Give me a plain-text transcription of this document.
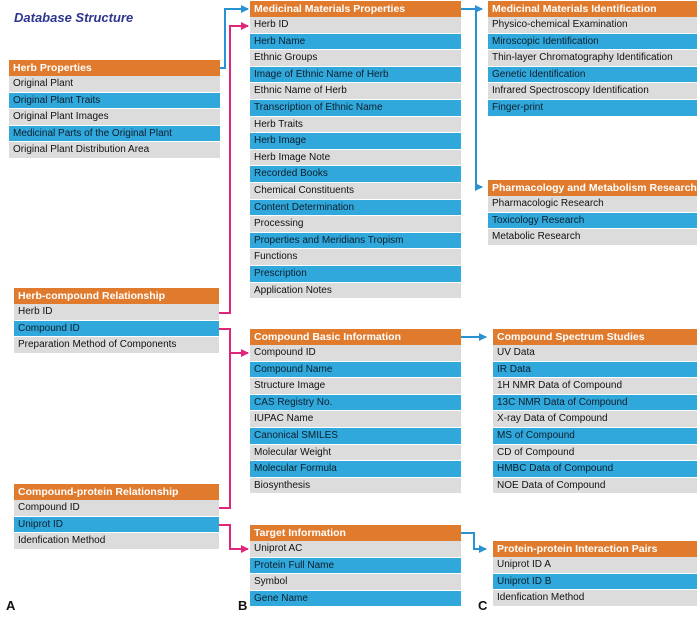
Database Structure
Herb Properties
Original Plant
Original Plant Traits
Original Plant Images
Medicinal Parts of the Original Plant
Original Plant Distribution Area
Herb-compound Relationship
Herb ID
Compound ID
Preparation Method of Components
Compound-protein Relationship
Compound ID
Uniprot ID
Idenfication Method
Medicinal Materials Properties
Herb ID
Herb Name
Ethnic Groups
Image of Ethnic Name of Herb
Ethnic Name of Herb
Transcription of Ethnic Name
Herb Traits
Herb Image
Herb Image Note
Recorded Books
Chemical Constituents
Content Determination
Processing
Properties and Meridians Tropism
Functions
Prescription
Application Notes
Compound Basic Information
Compound ID
Compound Name
Structure Image
CAS Registry No.
IUPAC Name
Canonical SMILES
Molecular Weight
Molecular Formula
Biosynthesis
Target Information
Uniprot AC
Protein Full Name
Symbol
Gene Name
Medicinal Materials Identification
Physico-chemical Examination
Miroscopic Identification
Thin-layer Chromatography Identification
Genetic Identification
Infrared Spectroscopy Identification
Finger-print
Pharmacology and Metabolism Research
Pharmacologic Research
Toxicology Research
Metabolic Research
Compound Spectrum Studies
UV Data
IR Data
1H NMR Data of Compound
13C NMR Data of Compound
X-ray Data of Compound
MS of Compound
CD of Compound
HMBC Data of Compound
NOE Data of Compound
Protein-protein Interaction Pairs
Uniprot ID A
Uniprot ID B
Idenfication Method
A	B	C
